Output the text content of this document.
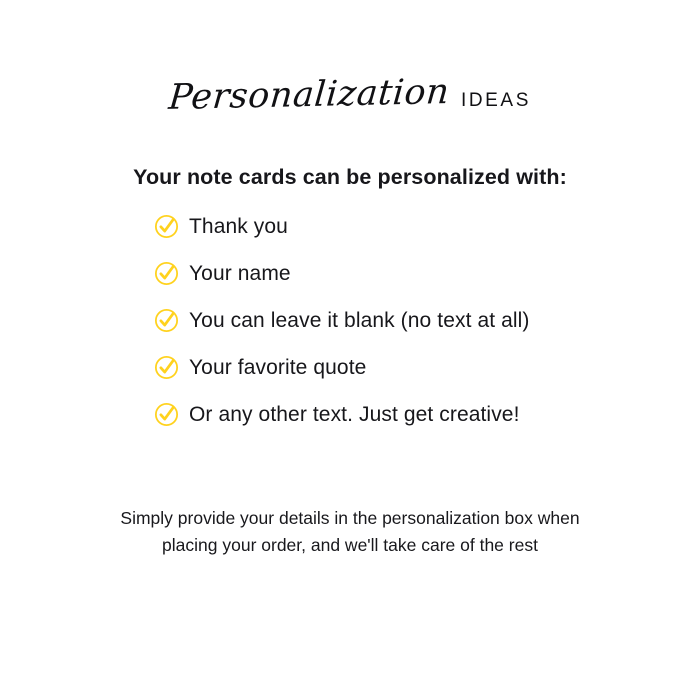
Personalization IDEAS
Your note cards can be personalized with:
Thank you
Your name
You can leave it blank (no text at all)
Your favorite quote
Or any other text. Just get creative!
Simply provide your details in the personalization box when
placing your order, and we'll take care of the rest
